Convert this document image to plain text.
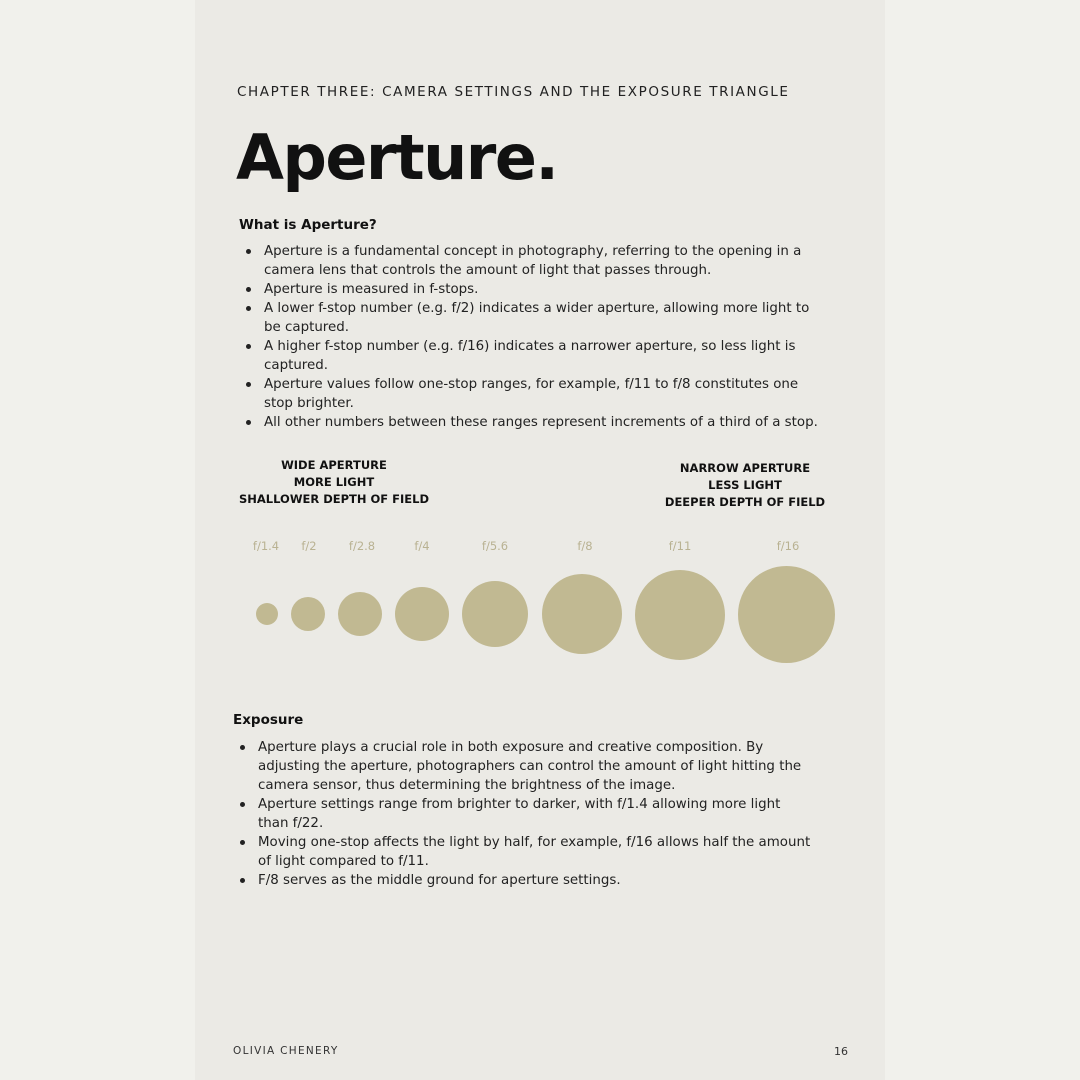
CHAPTER THREE: CAMERA SETTINGS AND THE EXPOSURE TRIANGLE
Aperture.
What is Aperture?
Aperture is a fundamental concept in photography, referring to the opening in a camera lens that controls the amount of light that passes through.
Aperture is measured in f-stops.
A lower f-stop number (e.g. f/2) indicates a wider aperture, allowing more light to be captured.
A higher f-stop number (e.g. f/16) indicates a narrower aperture, so less light is captured.
Aperture values follow one-stop ranges, for example, f/11 to f/8 constitutes one stop brighter.
All other numbers between these ranges represent increments of a third of a stop.
WIDE APERTURE
MORE LIGHT
SHALLOWER DEPTH OF FIELD
NARROW APERTURE
LESS LIGHT
DEEPER DEPTH OF FIELD
f/1.4 f/2	f/2.8	f/4	f/5.6	f/8	f/11	f/16
Exposure
Aperture plays a crucial role in both exposure and creative composition. By adjusting the aperture, photographers can control the amount of light hitting the camera sensor, thus determining the brightness of the image.
Aperture settings range from brighter to darker, with f/1.4 allowing more light than f/22.
Moving one-stop affects the light by half, for example, f/16 allows half the amount of light compared to f/11.
F/8 serves as the middle ground for aperture settings.
OLIVIA CHENERY	16
